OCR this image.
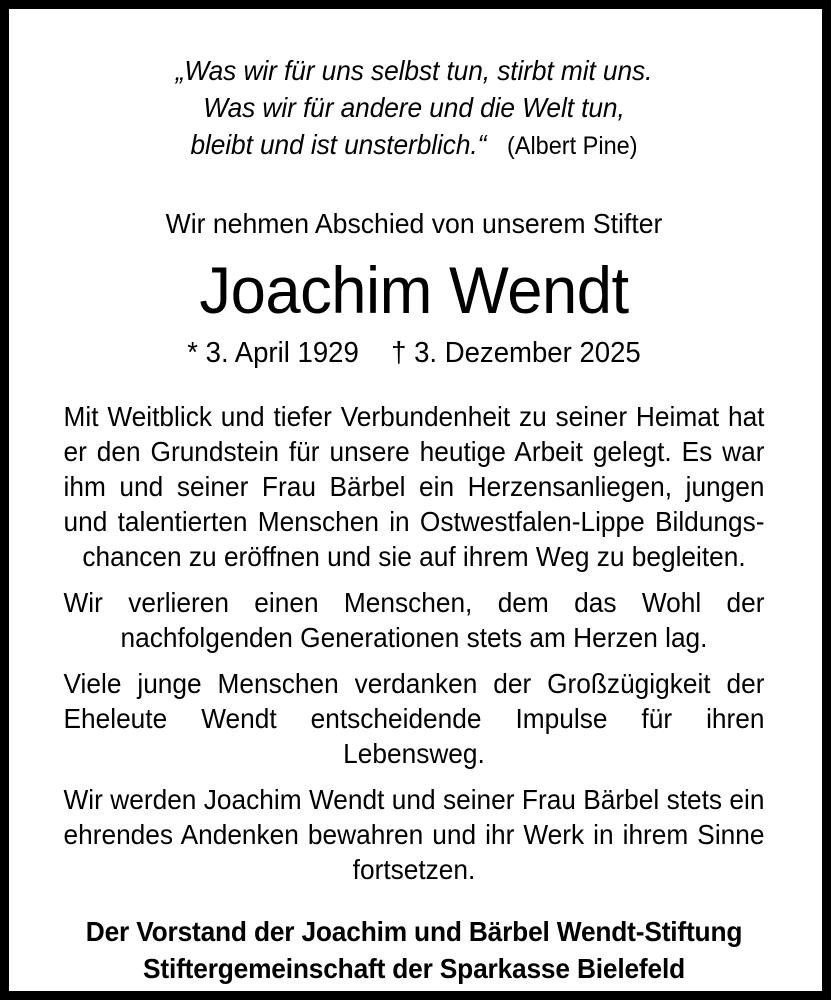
„Was wir für uns selbst tun, stirbt mit uns.
Was wir für andere und die Welt tun,
bleibt und ist unsterblich.“ (Albert Pine)
Wir nehmen Abschied von unserem Stifter
Joachim Wendt
* 3. April 1929 † 3. Dezember 2025

Mit Weitblick und tiefer Verbundenheit zu seiner Heimat hat er den Grundstein für unsere heutige Arbeit gelegt. Es war ihm und seiner Frau Bärbel ein Herzensanliegen, jungen und talentierten Menschen in Ostwestfalen-Lippe Bildungschancen zu eröffnen und sie auf ihrem Weg zu begleiten.

Wir verlieren einen Menschen, dem das Wohl der nachfolgenden Generationen stets am Herzen lag.

Viele junge Menschen verdanken der Großzügigkeit der Eheleute Wendt entscheidende Impulse für ihren Lebensweg.

Wir werden Joachim Wendt und seiner Frau Bärbel stets ein ehrendes Andenken bewahren und ihr Werk in ihrem Sinne fortsetzen.

Der Vorstand der Joachim und Bärbel Wendt-Stiftung
Stiftergemeinschaft der Sparkasse Bielefeld
